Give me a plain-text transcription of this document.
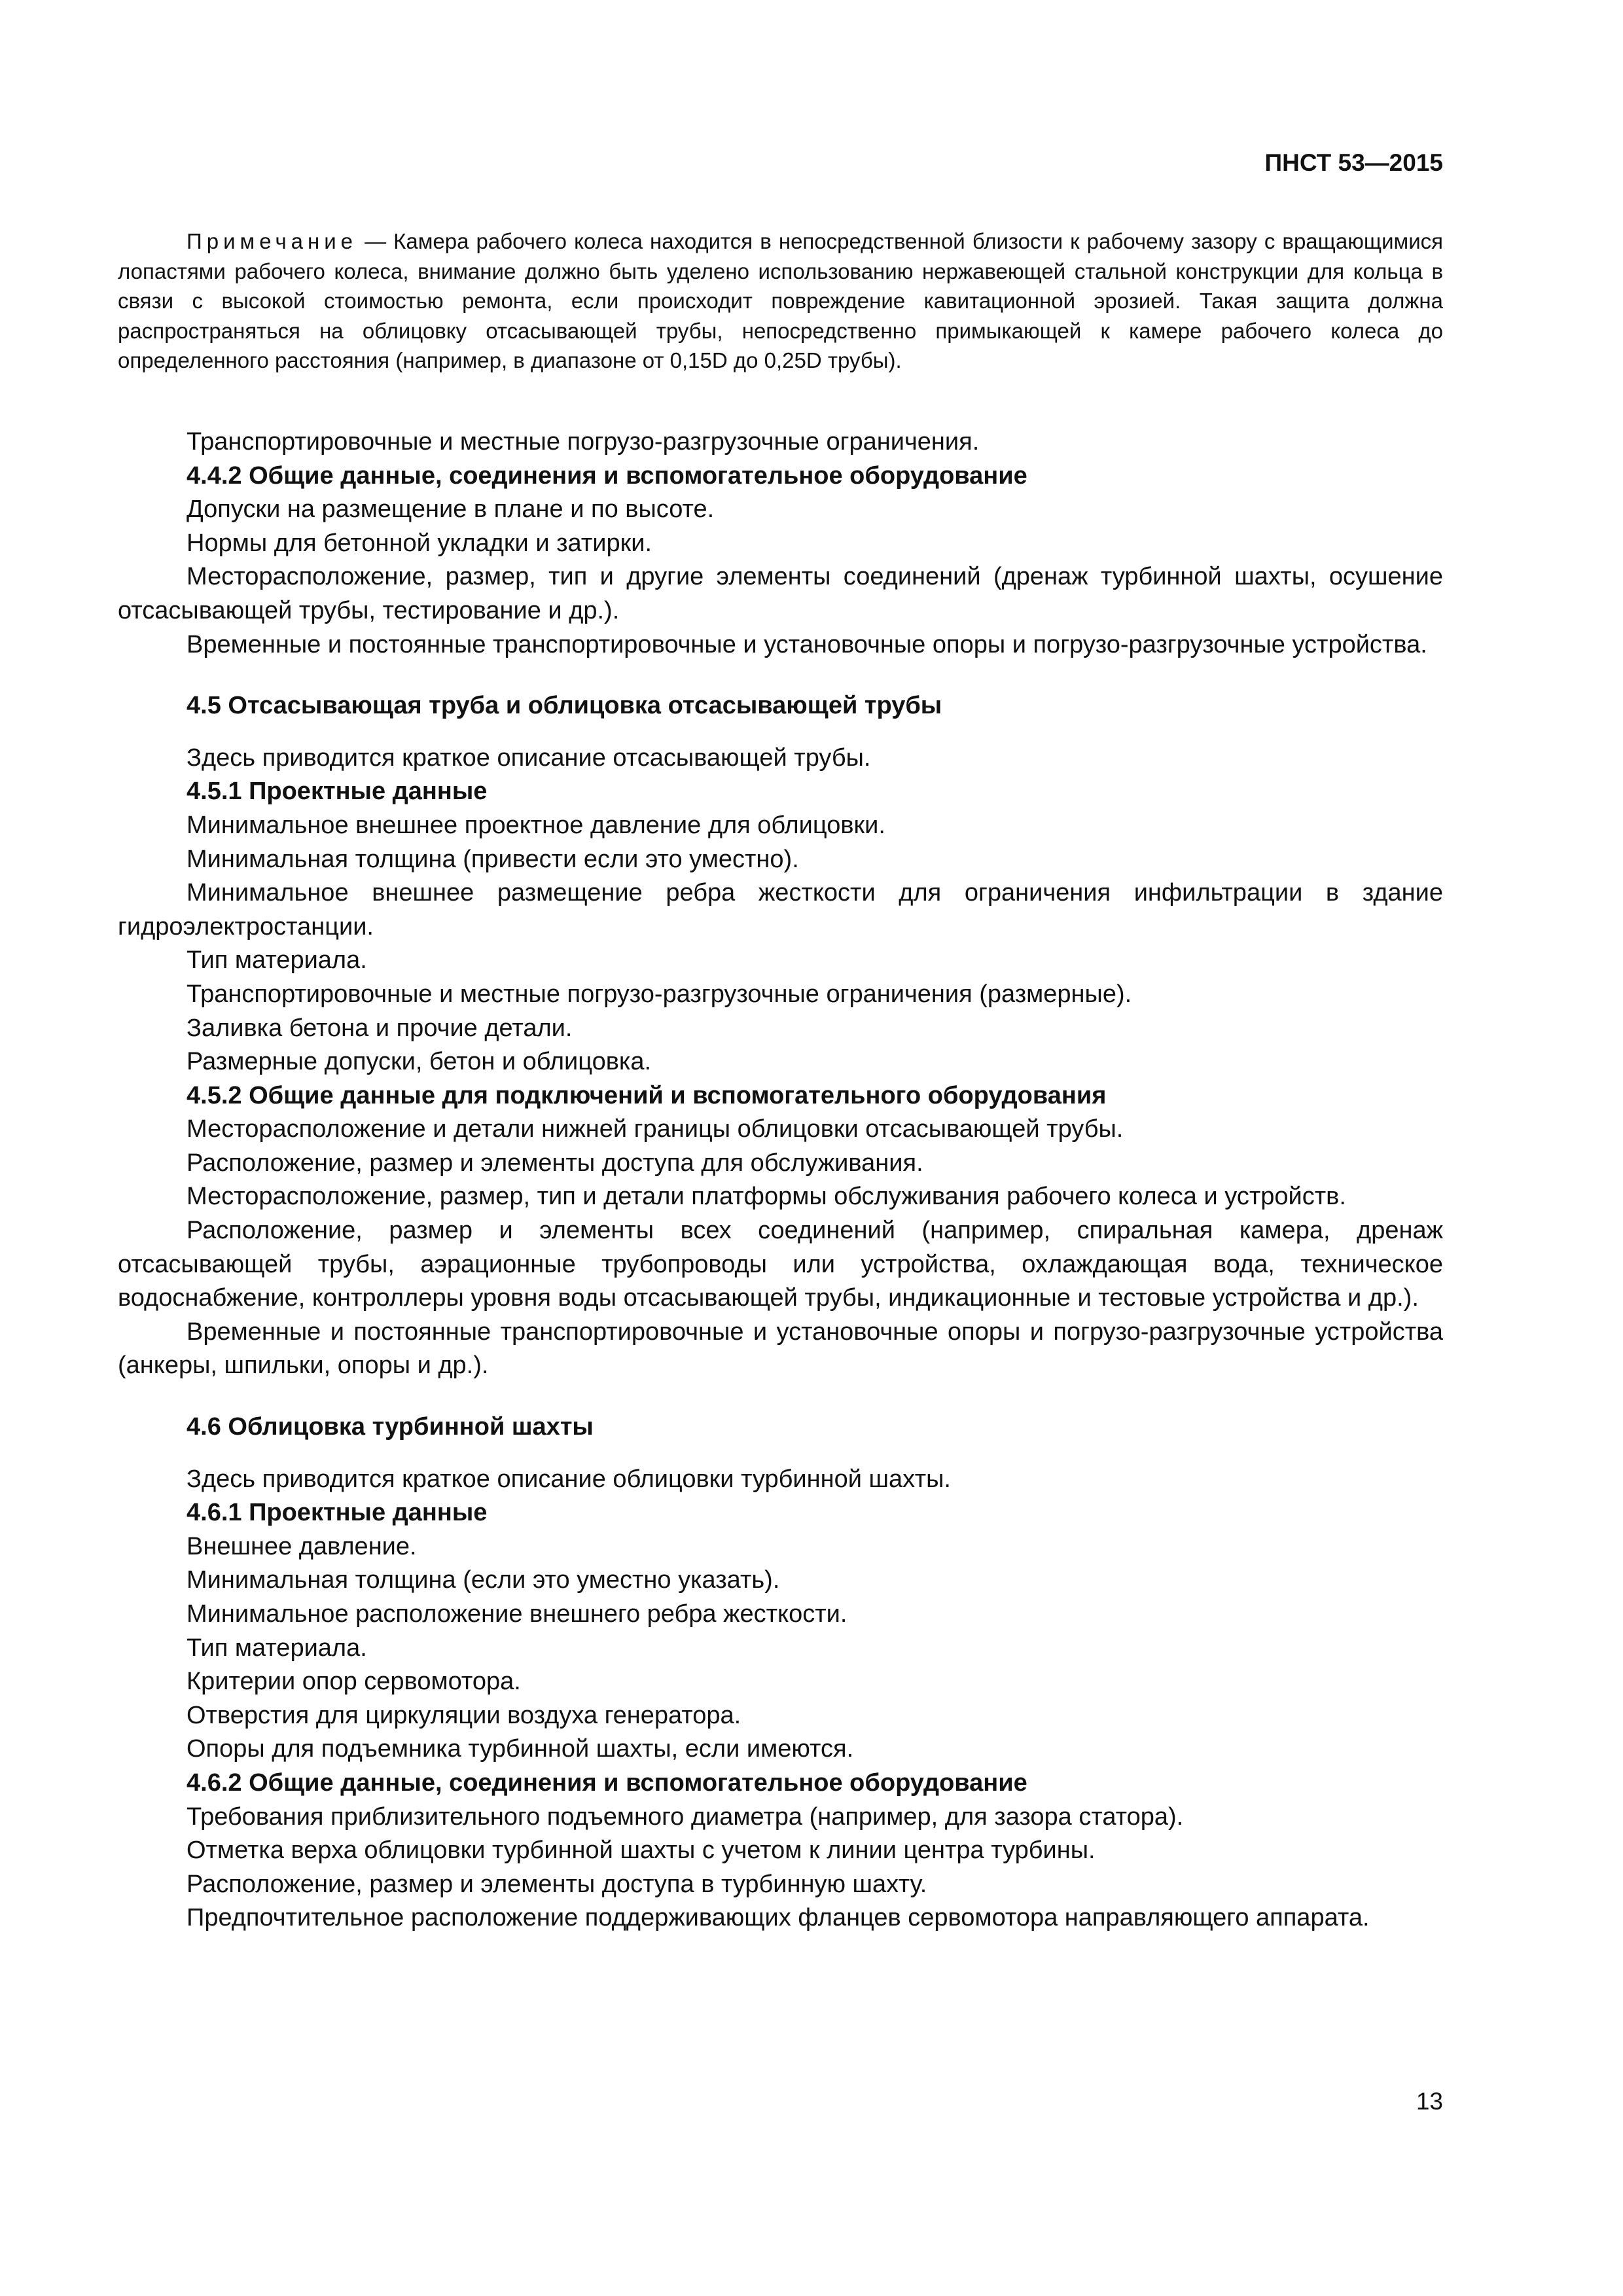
ПНСТ 53—2015
Примечание — Камера рабочего колеса находится в непосредственной близости к рабочему зазору с вращающимися лопастями рабочего колеса, внимание должно быть уделено использованию нержавеющей стальной конструкции для кольца в связи с высокой стоимостью ремонта, если происходит повреждение кавитационной эрозией. Такая защита должна распространяться на облицовку отсасывающей трубы, непосредственно примыкающей к камере рабочего колеса до определенного расстояния (например, в диапазоне от 0,15D до 0,25D трубы).

Транспортировочные и местные погрузо-разгрузочные ограничения.

4.4.2 Общие данные, соединения и вспомогательное оборудование

Допуски на размещение в плане и по высоте.

Нормы для бетонной укладки и затирки.

Месторасположение, размер, тип и другие элементы соединений (дренаж турбинной шахты, осушение отсасывающей трубы, тестирование и др.).

Временные и постоянные транспортировочные и установочные опоры и погрузо-разгрузочные устройства.

4.5 Отсасывающая труба и облицовка отсасывающей трубы

Здесь приводится краткое описание отсасывающей трубы.

4.5.1 Проектные данные

Минимальное внешнее проектное давление для облицовки.

Минимальная толщина (привести если это уместно).

Минимальное внешнее размещение ребра жесткости для ограничения инфильтрации в здание гидроэлектростанции.

Тип материала.

Транспортировочные и местные погрузо-разгрузочные ограничения (размерные).

Заливка бетона и прочие детали.

Размерные допуски, бетон и облицовка.

4.5.2 Общие данные для подключений и вспомогательного оборудования

Месторасположение и детали нижней границы облицовки отсасывающей трубы.

Расположение, размер и элементы доступа для обслуживания.

Месторасположение, размер, тип и детали платформы обслуживания рабочего колеса и устройств.

Расположение, размер и элементы всех соединений (например, спиральная камера, дренаж отсасывающей трубы, аэрационные трубопроводы или устройства, охлаждающая вода, техническое водоснабжение, контроллеры уровня воды отсасывающей трубы, индикационные и тестовые устройства и др.).

Временные и постоянные транспортировочные и установочные опоры и погрузо-разгрузочные устройства (анкеры, шпильки, опоры и др.).

4.6 Облицовка турбинной шахты

Здесь приводится краткое описание облицовки турбинной шахты.

4.6.1 Проектные данные

Внешнее давление.

Минимальная толщина (если это уместно указать).

Минимальное расположение внешнего ребра жесткости.

Тип материала.

Критерии опор сервомотора.

Отверстия для циркуляции воздуха генератора.

Опоры для подъемника турбинной шахты, если имеются.

4.6.2 Общие данные, соединения и вспомогательное оборудование

Требования приблизительного подъемного диаметра (например, для зазора статора).

Отметка верха облицовки турбинной шахты с учетом к линии центра турбины.

Расположение, размер и элементы доступа в турбинную шахту.

Предпочтительное расположение поддерживающих фланцев сервомотора направляющего аппарата.

13
